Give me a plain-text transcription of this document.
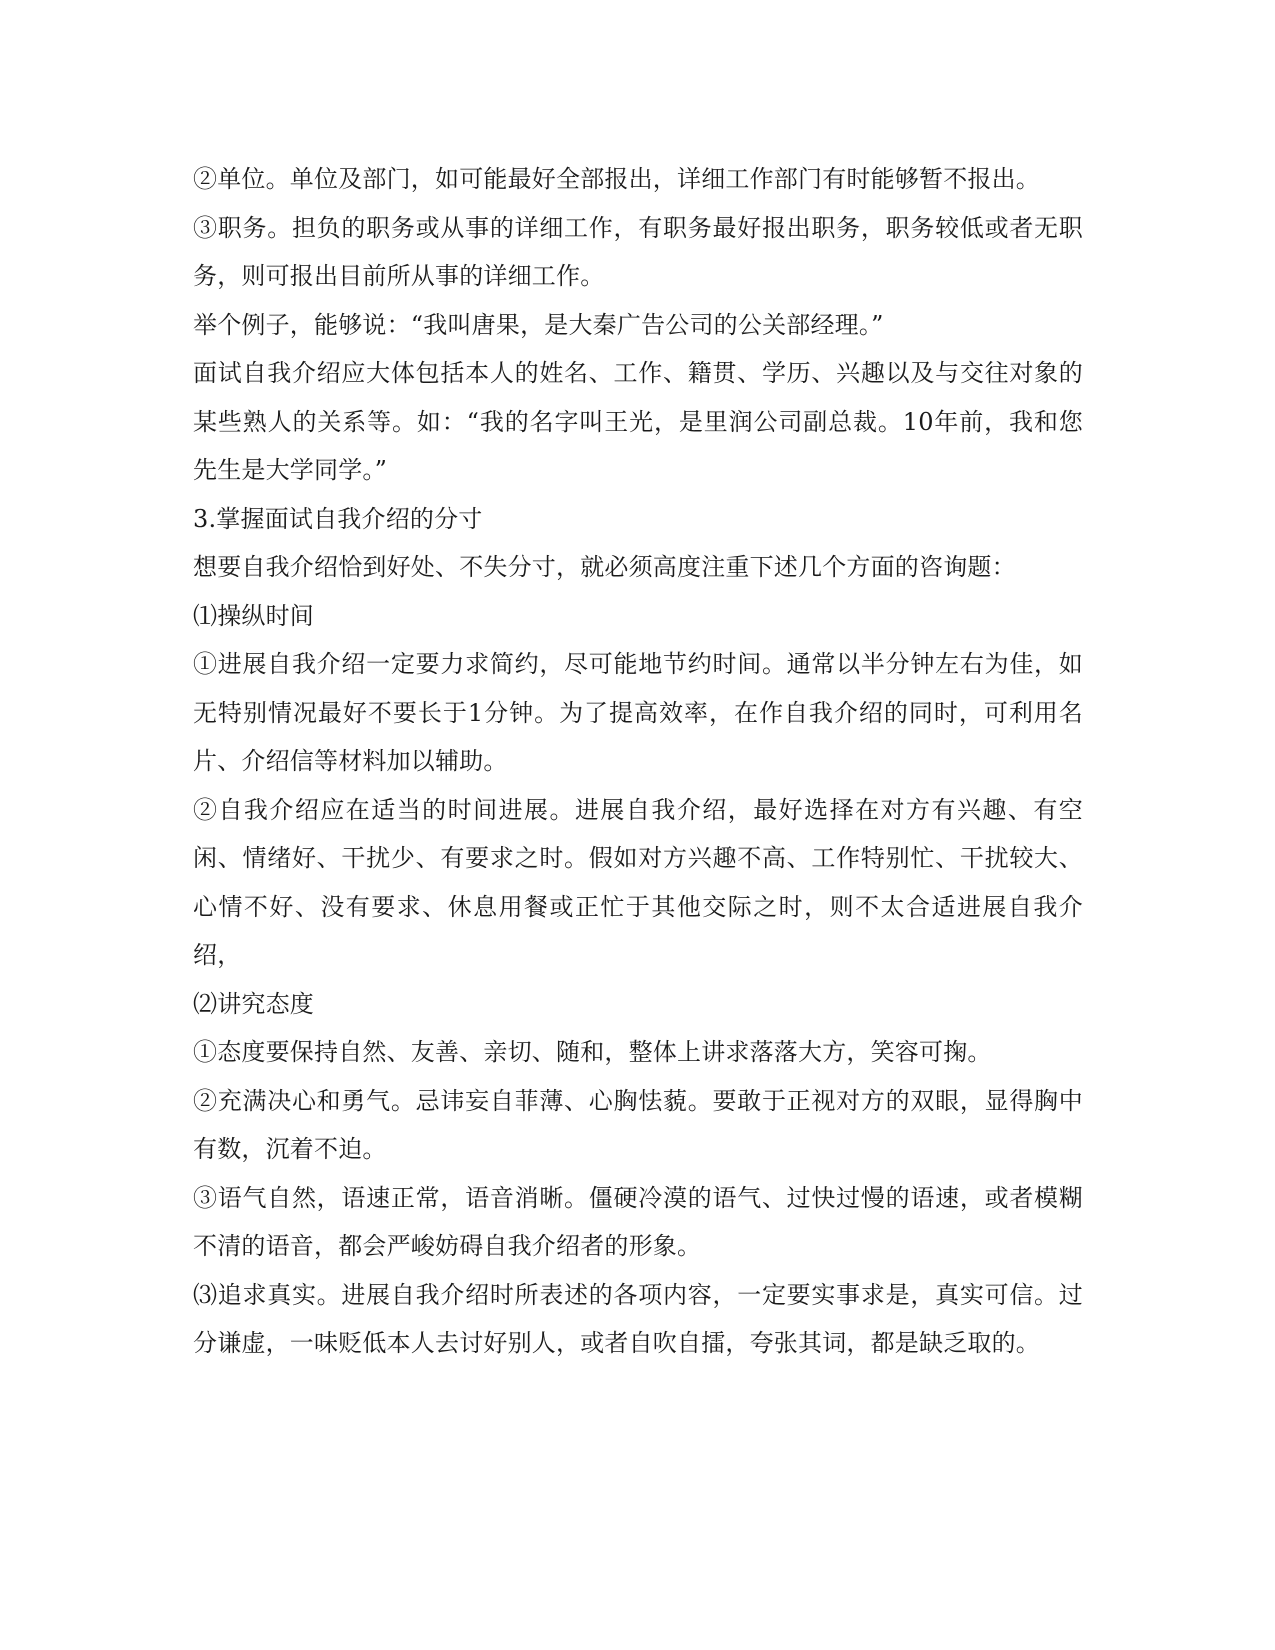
②单位。单位及部门，如可能最好全部报出，详细工作部门有时能够暂不报出。

③职务。担负的职务或从事的详细工作，有职务最好报出职务，职务较低或者无职务，则可报出目前所从事的详细工作。

举个例子，能够说：“我叫唐果，是大秦广告公司的公关部经理。”

面试自我介绍应大体包括本人的姓名、工作、籍贯、学历、兴趣以及与交往对象的某些熟人的关系等。如：“我的名字叫王光，是里润公司副总裁。10年前，我和您先生是大学同学。”

3.掌握面试自我介绍的分寸

想要自我介绍恰到好处、不失分寸，就必须高度注重下述几个方面的咨询题：

⑴操纵时间

①进展自我介绍一定要力求简约，尽可能地节约时间。通常以半分钟左右为佳，如无特别情况最好不要长于1分钟。为了提高效率，在作自我介绍的同时，可利用名片、介绍信等材料加以辅助。

②自我介绍应在适当的时间进展。进展自我介绍，最好选择在对方有兴趣、有空闲、情绪好、干扰少、有要求之时。假如对方兴趣不高、工作特别忙、干扰较大、心情不好、没有要求、休息用餐或正忙于其他交际之时，则不太合适进展自我介绍，

⑵讲究态度

①态度要保持自然、友善、亲切、随和，整体上讲求落落大方，笑容可掬。

②充满决心和勇气。忌讳妄自菲薄、心胸怯藐。要敢于正视对方的双眼，显得胸中有数，沉着不迫。

③语气自然，语速正常，语音消晰。僵硬冷漠的语气、过快过慢的语速，或者模糊不清的语音，都会严峻妨碍自我介绍者的形象。

⑶追求真实。进展自我介绍时所表述的各项内容，一定要实事求是，真实可信。过分谦虚，一味贬低本人去讨好别人，或者自吹自擂，夸张其词，都是缺乏取的。
